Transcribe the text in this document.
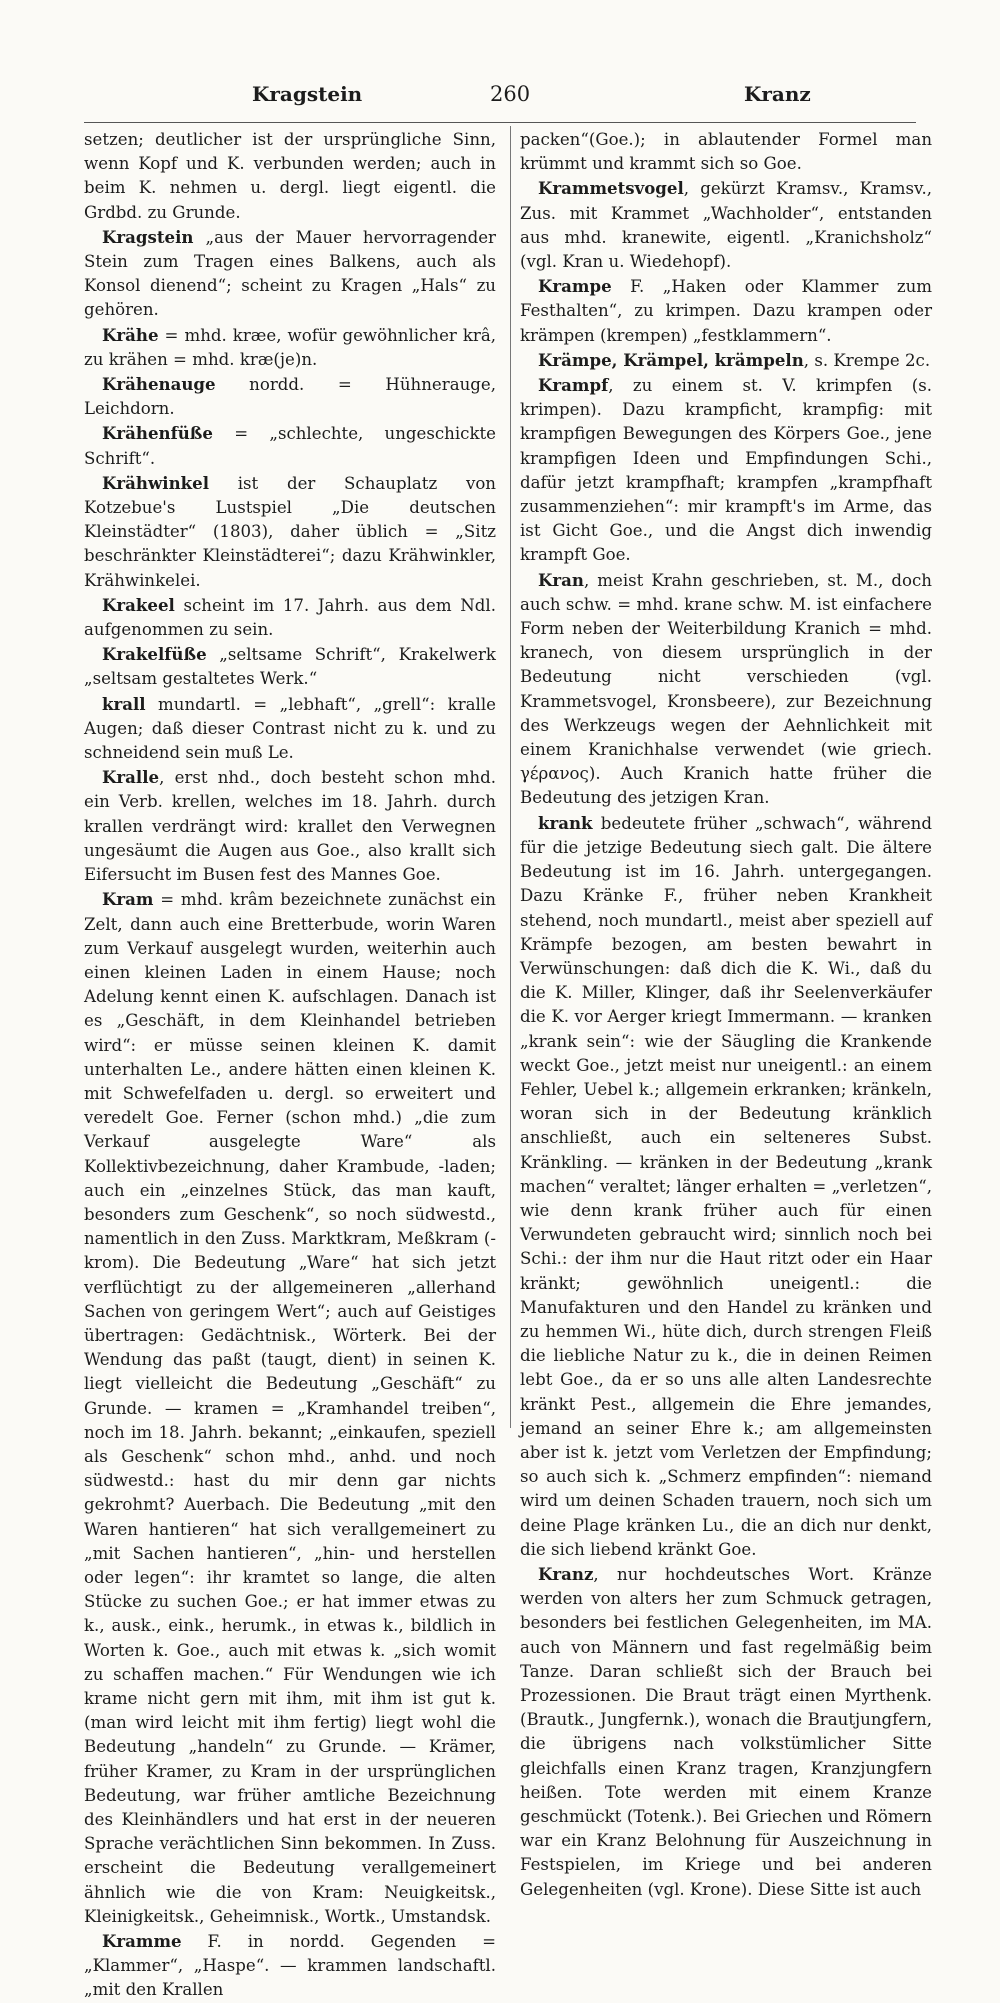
Kragstein	260	Kranz

setzen; deutlicher ist der ursprüngliche Sinn, wenn Kopf und K. verbunden werden; auch in beim K. nehmen u. dergl. liegt eigentl. die Grdbd. zu Grunde.

Kragstein „aus der Mauer hervorragender Stein zum Tragen eines Balkens, auch als Konsol dienend“; scheint zu Kragen „Hals“ zu gehören.

Krähe = mhd. kræe, wofür gewöhnlicher krâ, zu krähen = mhd. kræ(je)n.

Krähenauge nordd. = Hühnerauge, Leichdorn.

Krähenfüße = „schlechte, ungeschickte Schrift“.

Krähwinkel ist der Schauplatz von Kotzebue's Lustspiel „Die deutschen Kleinstädter“ (1803), daher üblich = „Sitz beschränkter Kleinstädterei“; dazu Krähwinkler, Krähwinkelei.

Krakeel scheint im 17. Jahrh. aus dem Ndl. aufgenommen zu sein.

Krakelfüße „seltsame Schrift“, Krakelwerk „seltsam gestaltetes Werk.“

krall mundartl. = „lebhaft“, „grell“: kralle Augen; daß dieser Contrast nicht zu k. und zu schneidend sein muß Le.

Kralle, erst nhd., doch besteht schon mhd. ein Verb. krellen, welches im 18. Jahrh. durch krallen verdrängt wird: krallet den Verwegnen ungesäumt die Augen aus Goe., also krallt sich Eifersucht im Busen fest des Mannes Goe.

Kram = mhd. krâm bezeichnete zunächst ein Zelt, dann auch eine Bretterbude, worin Waren zum Verkauf ausgelegt wurden, weiterhin auch einen kleinen Laden in einem Hause; noch Adelung kennt einen K. aufschlagen. Danach ist es „Geschäft, in dem Kleinhandel betrieben wird“: er müsse seinen kleinen K. damit unterhalten Le., andere hätten einen kleinen K. mit Schwefelfaden u. dergl. so erweitert und veredelt Goe. Ferner (schon mhd.) „die zum Verkauf ausgelegte Ware“ als Kollektivbezeichnung, daher Krambude, -laden; auch ein „einzelnes Stück, das man kauft, besonders zum Geschenk“, so noch südwestd., namentlich in den Zuss. Marktkram, Meßkram (-krom). Die Bedeutung „Ware“ hat sich jetzt verflüchtigt zu der allgemeineren „allerhand Sachen von geringem Wert“; auch auf Geistiges übertragen: Gedächtnisk., Wörterk. Bei der Wendung das paßt (taugt, dient) in seinen K. liegt vielleicht die Bedeutung „Geschäft“ zu Grunde. — kramen = „Kramhandel treiben“, noch im 18. Jahrh. bekannt; „einkaufen, speziell als Geschenk“ schon mhd., anhd. und noch südwestd.: hast du mir denn gar nichts gekrohmt? Auerbach. Die Bedeutung „mit den Waren hantieren“ hat sich verallgemeinert zu „mit Sachen hantieren“, „hin- und herstellen oder legen“: ihr kramtet so lange, die alten Stücke zu suchen Goe.; er hat immer etwas zu k., ausk., eink., herumk., in etwas k., bildlich in Worten k. Goe., auch mit etwas k. „sich womit zu schaffen machen.“ Für Wendungen wie ich krame nicht gern mit ihm, mit ihm ist gut k. (man wird leicht mit ihm fertig) liegt wohl die Bedeutung „handeln“ zu Grunde. — Krämer, früher Kramer, zu Kram in der ursprünglichen Bedeutung, war früher amtliche Bezeichnung des Kleinhändlers und hat erst in der neueren Sprache verächtlichen Sinn bekommen. In Zuss. erscheint die Bedeutung verallgemeinert ähnlich wie die von Kram: Neuigkeitsk., Kleinigkeitsk., Geheimnisk., Wortk., Umstandsk.

Kramme F. in nordd. Gegenden = „Klammer“, „Haspe“. — krammen landschaftl. „mit den Krallen

packen“(Goe.); in ablautender Formel man krümmt und krammt sich so Goe.

Krammetsvogel, gekürzt Kramsv., Kramsv., Zus. mit Krammet „Wachholder“, entstanden aus mhd. kranewite, eigentl. „Kranichsholz“ (vgl. Kran u. Wiedehopf).

Krampe F. „Haken oder Klammer zum Festhalten“, zu krimpen. Dazu krampen oder krämpen (krempen) „festklammern“.

Krämpe, Krämpel, krämpeln, s. Krempe 2c.

Krampf, zu einem st. V. krimpfen (s. krimpen). Dazu krampficht, krampfig: mit krampfigen Bewegungen des Körpers Goe., jene krampfigen Ideen und Empfindungen Schi., dafür jetzt krampfhaft; krampfen „krampfhaft zusammenziehen“: mir krampft's im Arme, das ist Gicht Goe., und die Angst dich inwendig krampft Goe.

Kran, meist Krahn geschrieben, st. M., doch auch schw. = mhd. krane schw. M. ist einfachere Form neben der Weiterbildung Kranich = mhd. kranech, von diesem ursprünglich in der Bedeutung nicht verschieden (vgl. Krammetsvogel, Kronsbeere), zur Bezeichnung des Werkzeugs wegen der Aehnlichkeit mit einem Kranichhalse verwendet (wie griech. γέρανος). Auch Kranich hatte früher die Bedeutung des jetzigen Kran.

krank bedeutete früher „schwach“, während für die jetzige Bedeutung siech galt. Die ältere Bedeutung ist im 16. Jahrh. untergegangen. Dazu Kränke F., früher neben Krankheit stehend, noch mundartl., meist aber speziell auf Krämpfe bezogen, am besten bewahrt in Verwünschungen: daß dich die K. Wi., daß du die K. Miller, Klinger, daß ihr Seelenverkäufer die K. vor Aerger kriegt Immermann. — kranken „krank sein“: wie der Säugling die Krankende weckt Goe., jetzt meist nur uneigentl.: an einem Fehler, Uebel k.; allgemein erkranken; kränkeln, woran sich in der Bedeutung kränklich anschließt, auch ein selteneres Subst. Kränkling. — kränken in der Bedeutung „krank machen“ veraltet; länger erhalten = „verletzen“, wie denn krank früher auch für einen Verwundeten gebraucht wird; sinnlich noch bei Schi.: der ihm nur die Haut ritzt oder ein Haar kränkt; gewöhnlich uneigentl.: die Manufakturen und den Handel zu kränken und zu hemmen Wi., hüte dich, durch strengen Fleiß die liebliche Natur zu k., die in deinen Reimen lebt Goe., da er so uns alle alten Landesrechte kränkt Pest., allgemein die Ehre jemandes, jemand an seiner Ehre k.; am allgemeinsten aber ist k. jetzt vom Verletzen der Empfindung; so auch sich k. „Schmerz empfinden“: niemand wird um deinen Schaden trauern, noch sich um deine Plage kränken Lu., die an dich nur denkt, die sich liebend kränkt Goe.

Kranz, nur hochdeutsches Wort. Kränze werden von alters her zum Schmuck getragen, besonders bei festlichen Gelegenheiten, im MA. auch von Männern und fast regelmäßig beim Tanze. Daran schließt sich der Brauch bei Prozessionen. Die Braut trägt einen Myrthenk. (Brautk., Jungfernk.), wonach die Brautjungfern, die übrigens nach volkstümlicher Sitte gleichfalls einen Kranz tragen, Kranzjungfern heißen. Tote werden mit einem Kranze geschmückt (Totenk.). Bei Griechen und Römern war ein Kranz Belohnung für Auszeichnung in Festspielen, im Kriege und bei anderen Gelegenheiten (vgl. Krone). Diese Sitte ist auch
